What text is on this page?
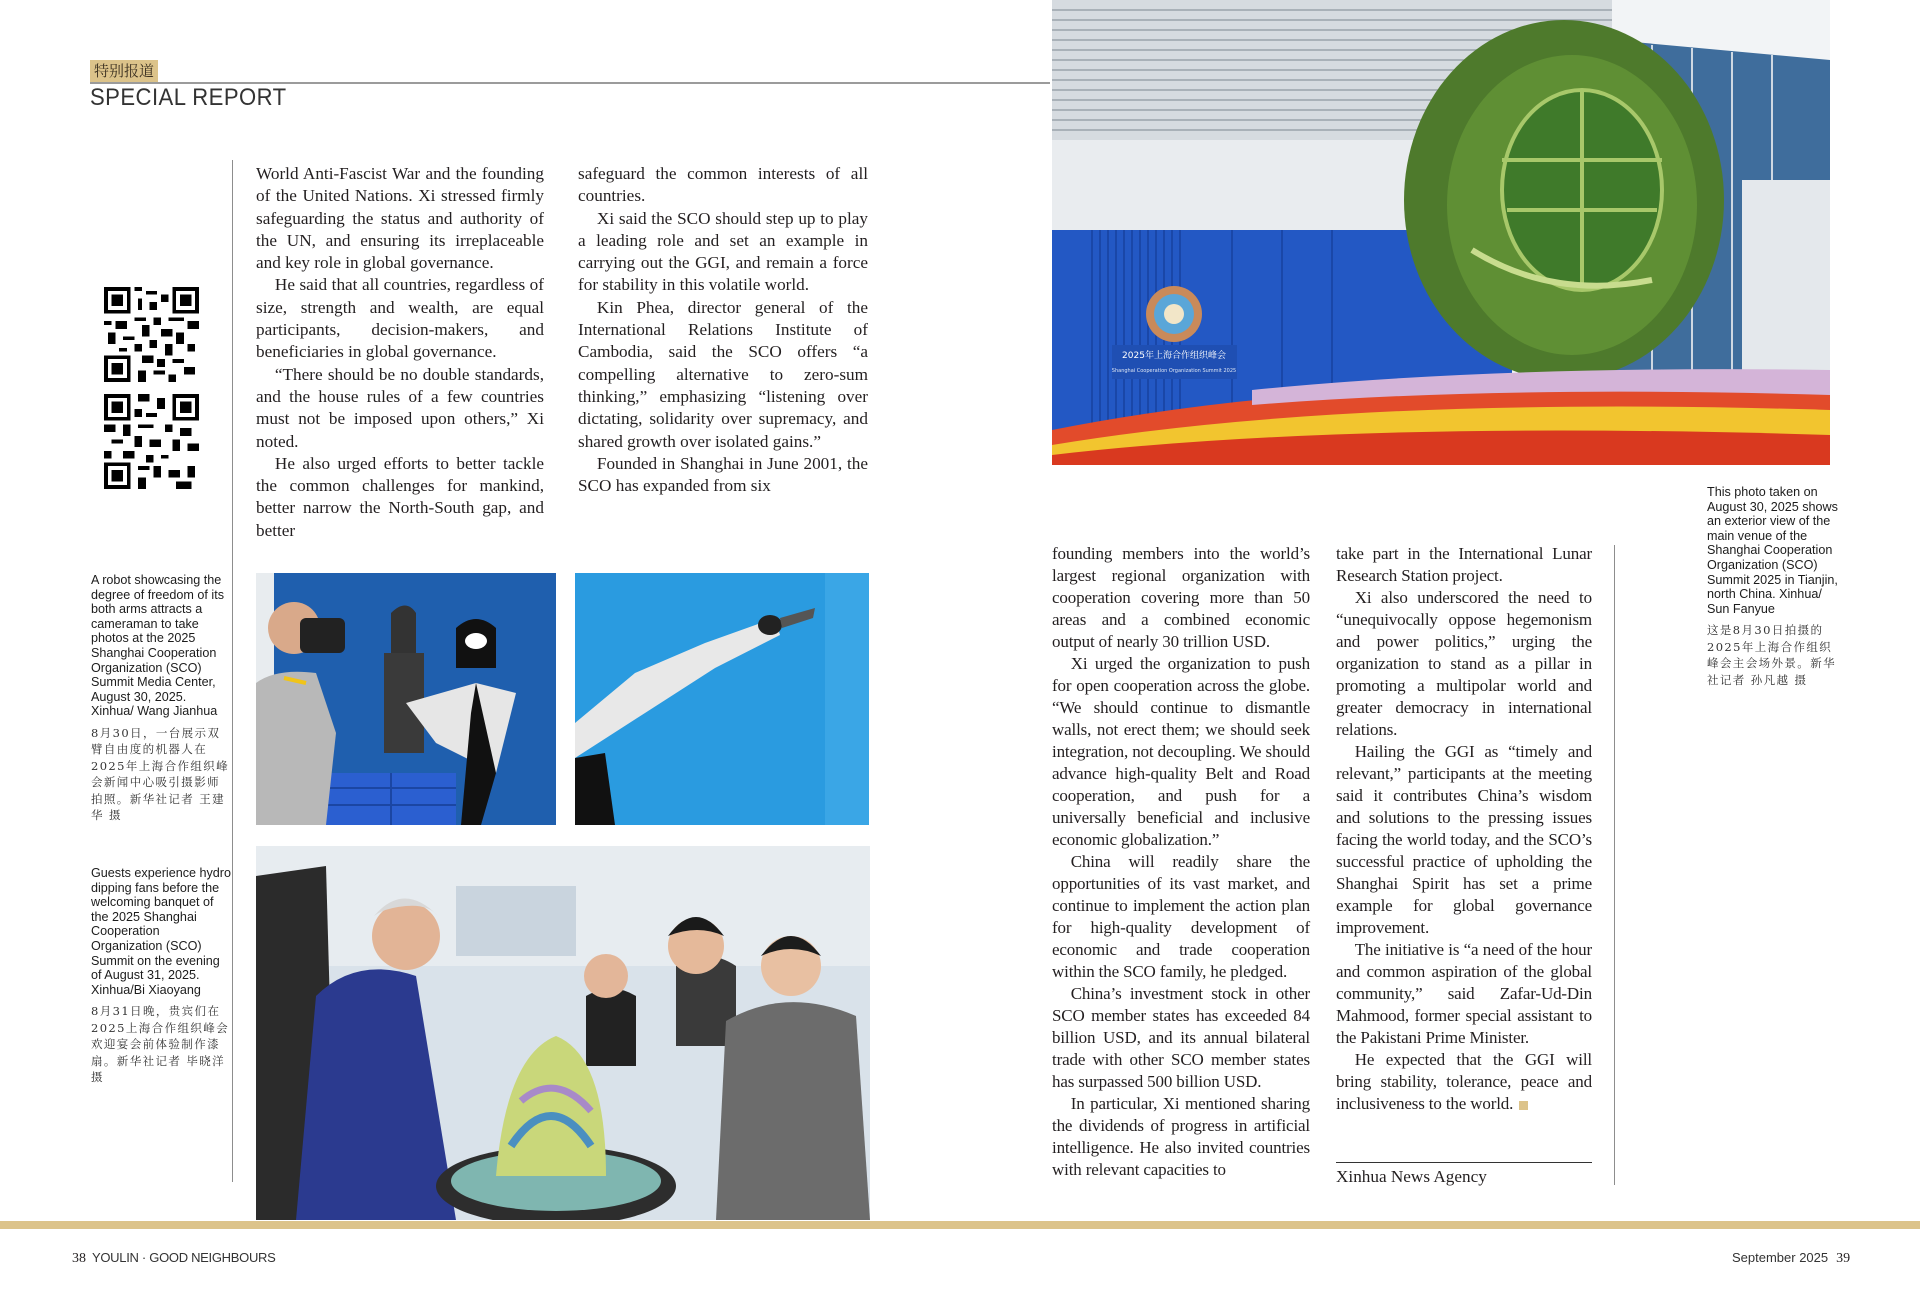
特别报道
SPECIAL REPORT

World Anti-Fascist War and the founding of the United Nations. Xi stressed firmly safeguarding the status and authority of the UN, and ensuring its irreplaceable and key role in global governance.

He said that all countries, regardless of size, strength and wealth, are equal participants, decision-makers, and beneficiaries in global governance.

“There should be no double standards, and the house rules of a few countries must not be imposed upon others,” Xi noted.

He also urged efforts to better tackle the common challenges for mankind, better narrow the North-South gap, and better

safeguard the common interests of all countries.

Xi said the SCO should step up to play a leading role and set an example in carrying out the GGI, and remain a force for stability in this volatile world.

Kin Phea, director general of the International Relations Institute of Cambodia, said the SCO offers “a compelling alternative to zero-sum thinking,” emphasizing “listening over dictating, solidarity over supremacy, and shared growth over isolated gains.”

Founded in Shanghai in June 2001, the SCO has expanded from six

A robot showcasing the degree of freedom of its both arms attracts a cameraman to take photos at the 2025 Shanghai Cooperation Organization (SCO) Summit Media Center, August 30, 2025. Xinhua/ Wang Jianhua
8月30日，一台展示双臂自由度的机器人在2025年上海合作组织峰会新闻中心吸引摄影师拍照。新华社记者 王建华 摄
Guests experience hydro dipping fans before the welcoming banquet of the 2025 Shanghai Cooperation Organization (SCO) Summit on the evening of August 31, 2025. Xinhua/Bi Xiaoyang
8月31日晚，贵宾们在2025上海合作组织峰会欢迎宴会前体验制作漆扇。新华社记者 毕晓洋 摄
2025年上海合作组织峰会
Shanghai Cooperation Organization Summit 2025
This photo taken on August 30, 2025 shows an exterior view of the main venue of the Shanghai Cooperation Organization (SCO) Summit 2025 in Tianjin, north China. Xinhua/ Sun Fanyue
这是8月30日拍摄的2025年上海合作组织峰会主会场外景。新华社记者 孙凡越 摄

founding members into the world’s largest regional organization with cooperation covering more than 50 areas and a combined economic output of nearly 30 trillion USD.

Xi urged the organization to push for open cooperation across the globe. “We should continue to dismantle walls, not erect them; we should seek integration, not decoupling. We should advance high-quality Belt and Road cooperation, and push for a universally beneficial and inclusive economic globalization.”

China will readily share the opportunities of its vast market, and continue to implement the action plan for high-quality development of economic and trade cooperation within the SCO family, he pledged.

China’s investment stock in other SCO member states has exceeded 84 billion USD, and its annual bilateral trade with other SCO member states has surpassed 500 billion USD.

In particular, Xi mentioned sharing the dividends of progress in artificial intelligence. He also invited countries with relevant capacities to

take part in the International Lunar Research Station project.

Xi also underscored the need to “unequivocally oppose hegemonism and power politics,” urging the organization to stand as a pillar in promoting a multipolar world and greater democracy in international relations.

Hailing the GGI as “timely and relevant,” participants at the meeting said it contributes China’s wisdom and solutions to the pressing issues facing the world today, and the SCO’s successful practice of upholding the Shanghai Spirit has set a prime example for global governance improvement.

The initiative is “a need of the hour and common aspiration of the global community,” said Zafar-Ud-Din Mahmood, former special assistant to the Pakistani Prime Minister.

He expected that the GGI will bring stability, tolerance, peace and inclusiveness to the world.

Xinhua News Agency
38 YOULIN · GOOD NEIGHBOURS	September 2025 39
